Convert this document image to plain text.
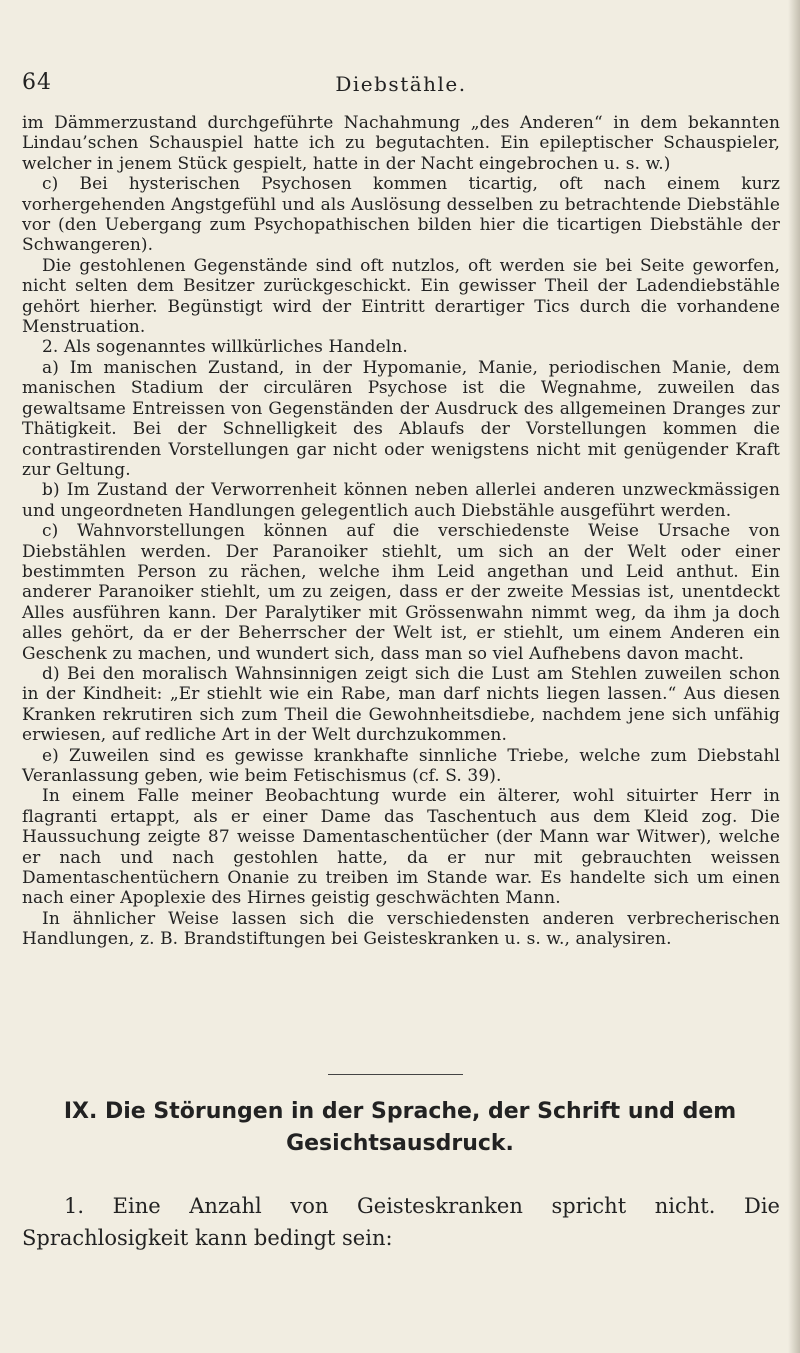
64	Diebstähle.

im Dämmerzustand durchgeführte Nachahmung „des Anderen“ in dem bekannten Lindau’schen Schauspiel hatte ich zu begutachten. Ein epileptischer Schauspieler, welcher in jenem Stück gespielt, hatte in der Nacht eingebrochen u. s. w.)

c) Bei hysterischen Psychosen kommen ticartig, oft nach einem kurz vorhergehenden Angstgefühl und als Auslösung desselben zu betrachtende Diebstähle vor (den Uebergang zum Psychopathischen bilden hier die ticartigen Diebstähle der Schwangeren).

Die gestohlenen Gegenstände sind oft nutzlos, oft werden sie bei Seite geworfen, nicht selten dem Besitzer zurückgeschickt. Ein gewisser Theil der Ladendiebstähle gehört hierher. Begünstigt wird der Eintritt derartiger Tics durch die vorhandene Menstruation.

2. Als sogenanntes willkürliches Handeln.

a) Im manischen Zustand, in der Hypomanie, Manie, periodischen Manie, dem manischen Stadium der circulären Psychose ist die Wegnahme, zuweilen das gewaltsame Entreissen von Gegenständen der Ausdruck des allgemeinen Dranges zur Thätigkeit. Bei der Schnelligkeit des Ablaufs der Vorstellungen kommen die contrastirenden Vorstellungen gar nicht oder wenigstens nicht mit genügender Kraft zur Geltung.

b) Im Zustand der Verworrenheit können neben allerlei anderen unzweckmässigen und ungeordneten Handlungen gelegentlich auch Diebstähle ausgeführt werden.

c) Wahnvorstellungen können auf die verschiedenste Weise Ursache von Diebstählen werden. Der Paranoiker stiehlt, um sich an der Welt oder einer bestimmten Person zu rächen, welche ihm Leid angethan und Leid anthut. Ein anderer Paranoiker stiehlt, um zu zeigen, dass er der zweite Messias ist, unentdeckt Alles ausführen kann. Der Paralytiker mit Grössenwahn nimmt weg, da ihm ja doch alles gehört, da er der Beherrscher der Welt ist, er stiehlt, um einem Anderen ein Geschenk zu machen, und wundert sich, dass man so viel Aufhebens davon macht.

d) Bei den moralisch Wahnsinnigen zeigt sich die Lust am Stehlen zuweilen schon in der Kindheit: „Er stiehlt wie ein Rabe, man darf nichts liegen lassen.“ Aus diesen Kranken rekrutiren sich zum Theil die Gewohnheitsdiebe, nachdem jene sich unfähig erwiesen, auf redliche Art in der Welt durchzukommen.

e) Zuweilen sind es gewisse krankhafte sinnliche Triebe, welche zum Diebstahl Veranlassung geben, wie beim Fetischismus (cf. S. 39).

In einem Falle meiner Beobachtung wurde ein älterer, wohl situirter Herr in flagranti ertappt, als er einer Dame das Taschentuch aus dem Kleid zog. Die Haussuchung zeigte 87 weisse Damentaschentücher (der Mann war Witwer), welche er nach und nach gestohlen hatte, da er nur mit gebrauchten weissen Damentaschentüchern Onanie zu treiben im Stande war. Es handelte sich um einen nach einer Apoplexie des Hirnes geistig geschwächten Mann.

In ähnlicher Weise lassen sich die verschiedensten anderen verbrecherischen Handlungen, z. B. Brandstiftungen bei Geisteskranken u. s. w., analysiren.

IX. Die Störungen in der Sprache, der Schrift und dem
Gesichtsausdruck.

1. Eine Anzahl von Geisteskranken spricht nicht. Die Sprachlosigkeit kann bedingt sein:
